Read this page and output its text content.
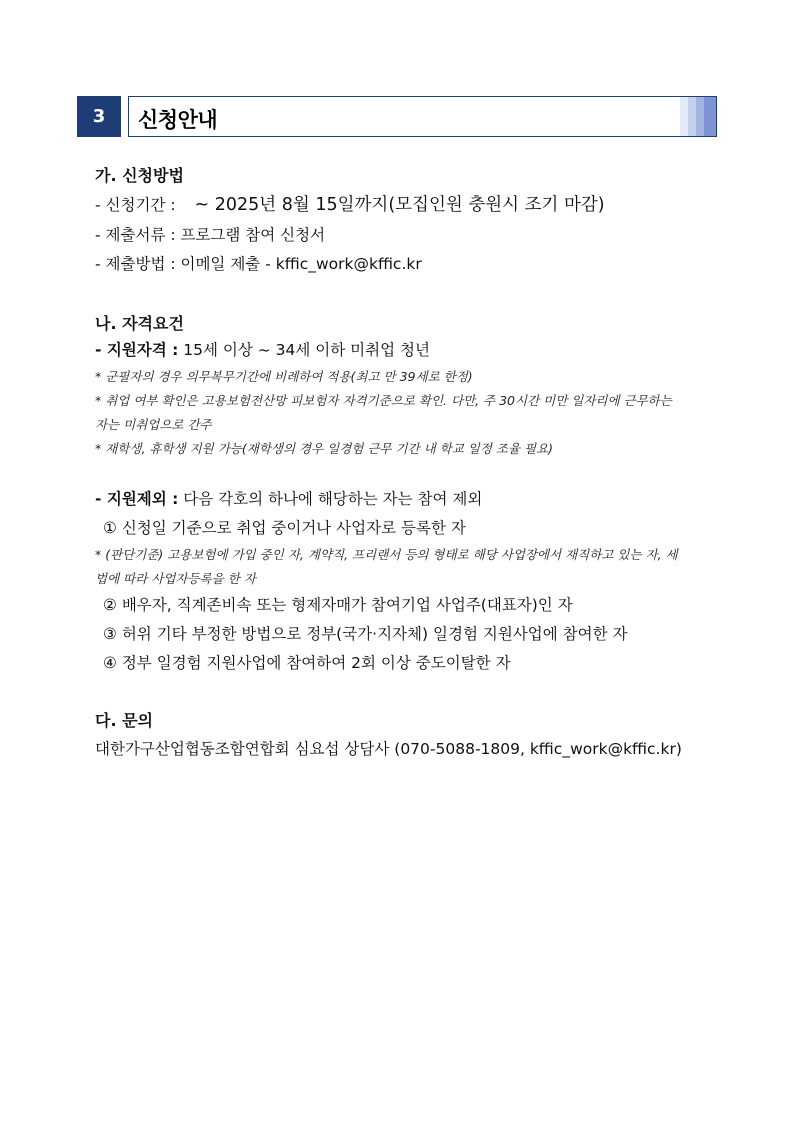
3	신청안내
가. 신청방법
- 신청기간 : ~ 2025년 8월 15일까지(모집인원 충원시 조기 마감)
- 제출서류 : 프로그램 참여 신청서
- 제출방법 : 이메일 제출 - kffic_work@kffic.kr
나. 자격요건
- 지원자격 : 15세 이상 ~ 34세 이하 미취업 청년
* 군필자의 경우 의무복무기간에 비례하여 적용(최고 만 39세로 한정)
* 취업 여부 확인은 고용보험전산망 피보험자 자격기준으로 확인. 다만, 주 30시간 미만 일자리에 근무하는
자는 미취업으로 간주
* 재학생, 휴학생 지원 가능(재학생의 경우 일경험 근무 기간 내 학교 일정 조율 필요)
- 지원제외 : 다음 각호의 하나에 해당하는 자는 참여 제외
① 신청일 기준으로 취업 중이거나 사업자로 등록한 자
* (판단기준) 고용보험에 가입 중인 자, 계약직, 프리랜서 등의 형태로 해당 사업장에서 재직하고 있는 자, 세
법에 따라 사업자등록을 한 자
② 배우자, 직계존비속 또는 형제자매가 참여기업 사업주(대표자)인 자
③ 허위 기타 부정한 방법으로 정부(국가·지자체) 일경험 지원사업에 참여한 자
④ 정부 일경험 지원사업에 참여하여 2회 이상 중도이탈한 자
다. 문의
대한가구산업협동조합연합회 심요섭 상담사 (070-5088-1809, kffic_work@kffic.kr)
